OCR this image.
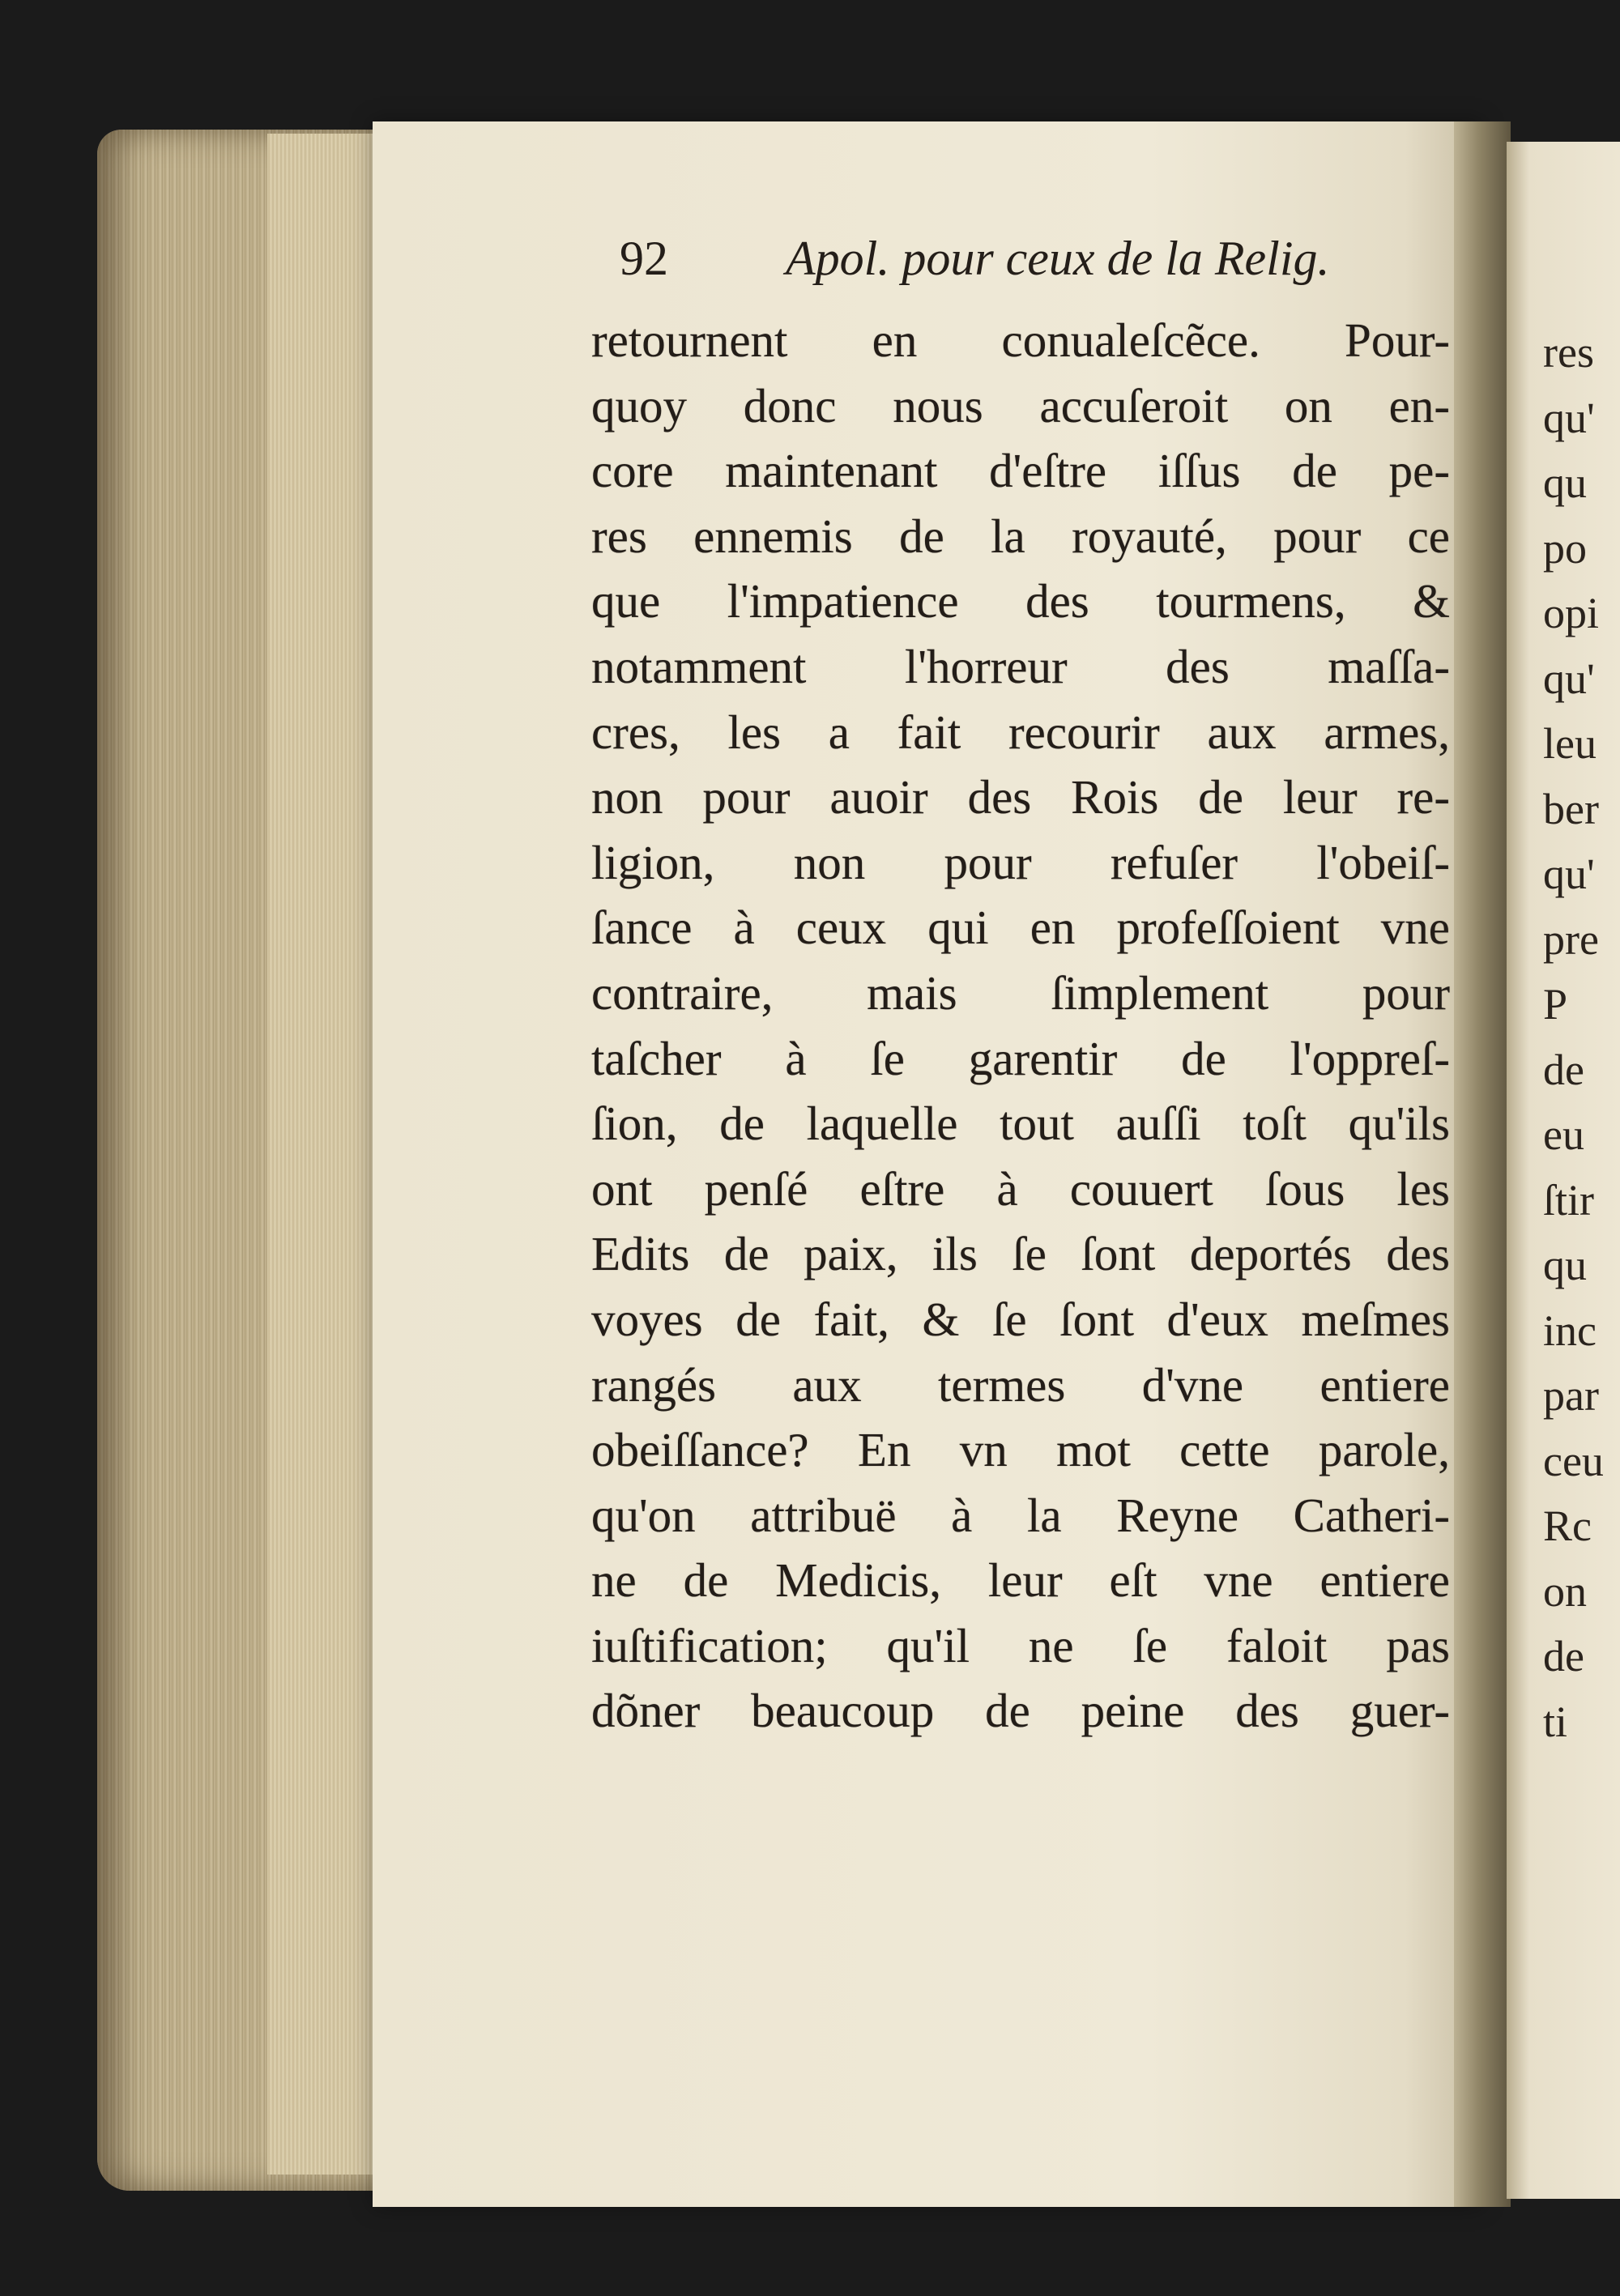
92 Apol. pour ceux de la Relig.
retournent en conualeſcẽce. Pour-
quoy donc nous accuſeroit on en-
core maintenant d'eſtre iſſus de pe-
res ennemis de la royauté, pour ce
que l'impatience des tourmens, &
notamment l'horreur des maſſa-
cres, les a fait recourir aux armes,
non pour auoir des Rois de leur re-
ligion, non pour refuſer l'obeiſ-
ſance à ceux qui en profeſſoient vne
contraire, mais ſimplement pour
taſcher à ſe garentir de l'oppreſ-
ſion, de laquelle tout auſſi toſt qu'ils
ont penſé eſtre à couuert ſous les
Edits de paix, ils ſe ſont deportés des
voyes de fait, & ſe ſont d'eux meſmes
rangés aux termes d'vne entiere
obeiſſance? En vn mot cette parole,
qu'on attribuë à la Reyne Catheri-
ne de Medicis, leur eſt vne entiere
iuſtification; qu'il ne ſe faloit pas
dõner beaucoup de peine des guer-
res
qu'
qu
po
opi
qu'
leu
ber
qu'
pre
P
de
eu
ſtir
qu
inc
par
ceu
Rc
on
de
ti
